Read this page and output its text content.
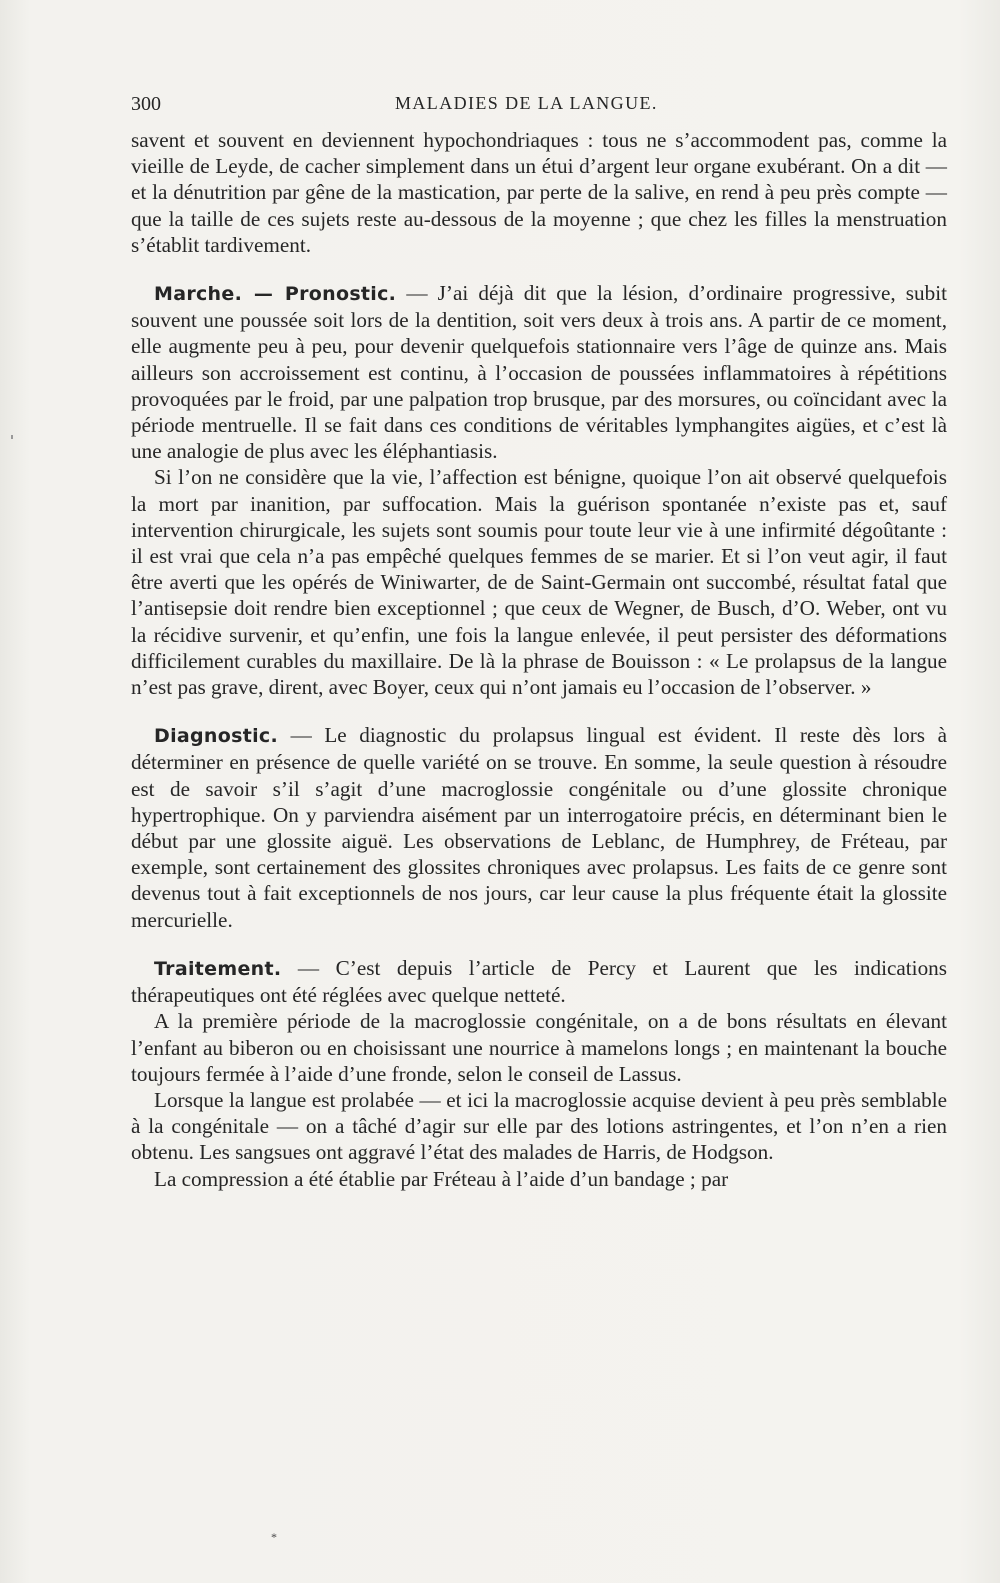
300	MALADIES DE LA LANGUE.

savent et souvent en deviennent hypochondriaques : tous ne s’accommodent pas, comme la vieille de Leyde, de cacher simplement dans un étui d’argent leur organe exubérant. On a dit — et la dénutrition par gêne de la mastication, par perte de la salive, en rend à peu près compte — que la taille de ces sujets reste au-dessous de la moyenne ; que chez les filles la menstruation s’établit tardivement.

Marche. — Pronostic. — J’ai déjà dit que la lésion, d’ordinaire progressive, subit souvent une poussée soit lors de la dentition, soit vers deux à trois ans. A partir de ce moment, elle augmente peu à peu, pour devenir quelquefois stationnaire vers l’âge de quinze ans. Mais ailleurs son accroissement est continu, à l’occasion de poussées inflammatoires à répétitions provoquées par le froid, par une palpation trop brusque, par des morsures, ou coïncidant avec la période mentruelle. Il se fait dans ces conditions de véritables lymphangites aigües, et c’est là une analogie de plus avec les éléphantiasis.

Si l’on ne considère que la vie, l’affection est bénigne, quoique l’on ait observé quelquefois la mort par inanition, par suffocation. Mais la guérison spontanée n’existe pas et, sauf intervention chirurgicale, les sujets sont soumis pour toute leur vie à une infirmité dégoûtante : il est vrai que cela n’a pas empêché quelques femmes de se marier. Et si l’on veut agir, il faut être averti que les opérés de Winiwarter, de de Saint-Germain ont succombé, résultat fatal que l’antisepsie doit rendre bien exceptionnel ; que ceux de Wegner, de Busch, d’O. Weber, ont vu la récidive survenir, et qu’enfin, une fois la langue enlevée, il peut persister des déformations difficilement curables du maxillaire. De là la phrase de Bouisson : « Le prolapsus de la langue n’est pas grave, dirent, avec Boyer, ceux qui n’ont jamais eu l’occasion de l’observer. »

Diagnostic. — Le diagnostic du prolapsus lingual est évident. Il reste dès lors à déterminer en présence de quelle variété on se trouve. En somme, la seule question à résoudre est de savoir s’il s’agit d’une macroglossie congénitale ou d’une glossite chronique hypertrophique. On y parviendra aisément par un interrogatoire précis, en déterminant bien le début par une glossite aiguë. Les observations de Leblanc, de Humphrey, de Fréteau, par exemple, sont certainement des glossites chroniques avec prolapsus. Les faits de ce genre sont devenus tout à fait exceptionnels de nos jours, car leur cause la plus fréquente était la glossite mercurielle.

Traitement. — C’est depuis l’article de Percy et Laurent que les indications thérapeutiques ont été réglées avec quelque netteté.

A la première période de la macroglossie congénitale, on a de bons résultats en élevant l’enfant au biberon ou en choisissant une nourrice à mamelons longs ; en maintenant la bouche toujours fermée à l’aide d’une fronde, selon le conseil de Lassus.

Lorsque la langue est prolabée — et ici la macroglossie acquise devient à peu près semblable à la congénitale — on a tâché d’agir sur elle par des lotions astringentes, et l’on n’en a rien obtenu. Les sangsues ont aggravé l’état des malades de Harris, de Hodgson.

La compression a été établie par Fréteau à l’aide d’un bandage ; par

*
